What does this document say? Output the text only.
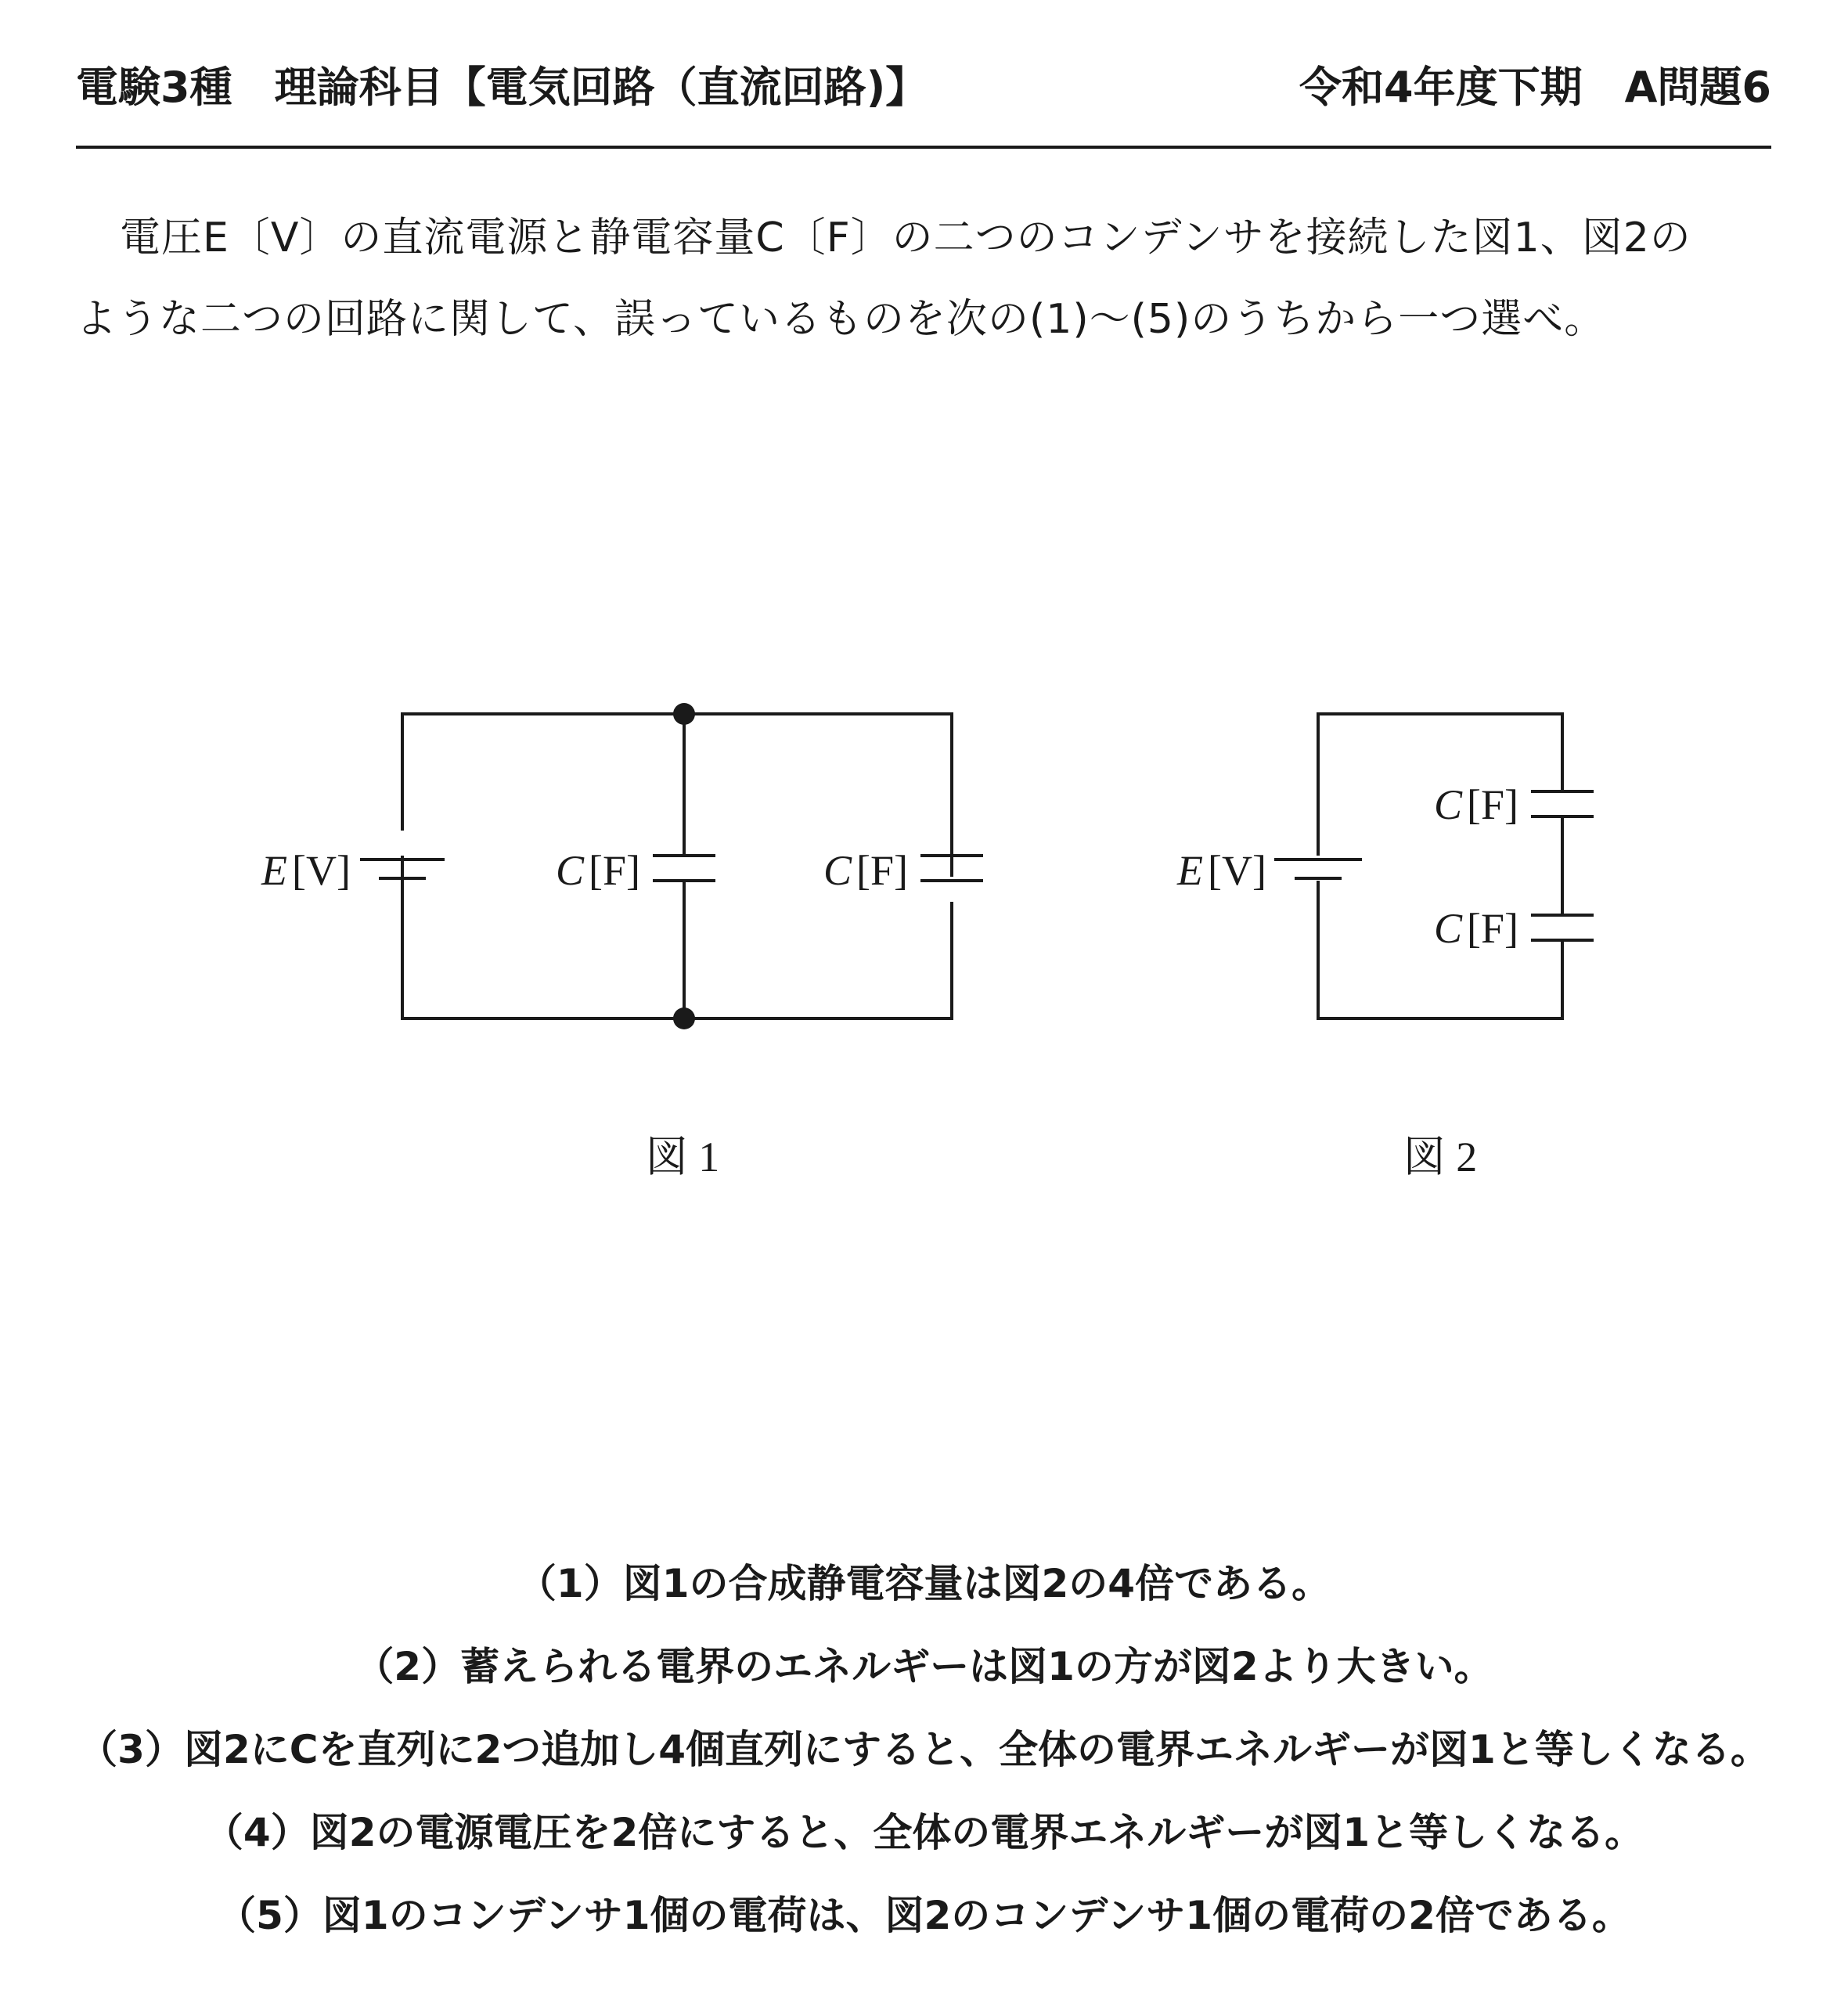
電験3種　理論科目【電気回路（直流回路)】	令和4年度下期　A問題6

電圧E〔V〕の直流電源と静電容量C〔F〕の二つのコンデンサを接続した図1、図2の

ような二つの回路に関して、誤っているものを次の(1)～(5)のうちから一つ選べ。

E [V]	C [F]	C [F]	E [V]
C [F]
C [F]
図 1	図 2
（1）図1の合成静電容量は図2の4倍である。
（2）蓄えられる電界のエネルギーは図1の方が図2より大きい。
（3）図2にCを直列に2つ追加し4個直列にすると、全体の電界エネルギーが図1と等しくなる。
（4）図2の電源電圧を2倍にすると、全体の電界エネルギーが図1と等しくなる。
（5）図1のコンデンサ1個の電荷は、図2のコンデンサ1個の電荷の2倍である。
